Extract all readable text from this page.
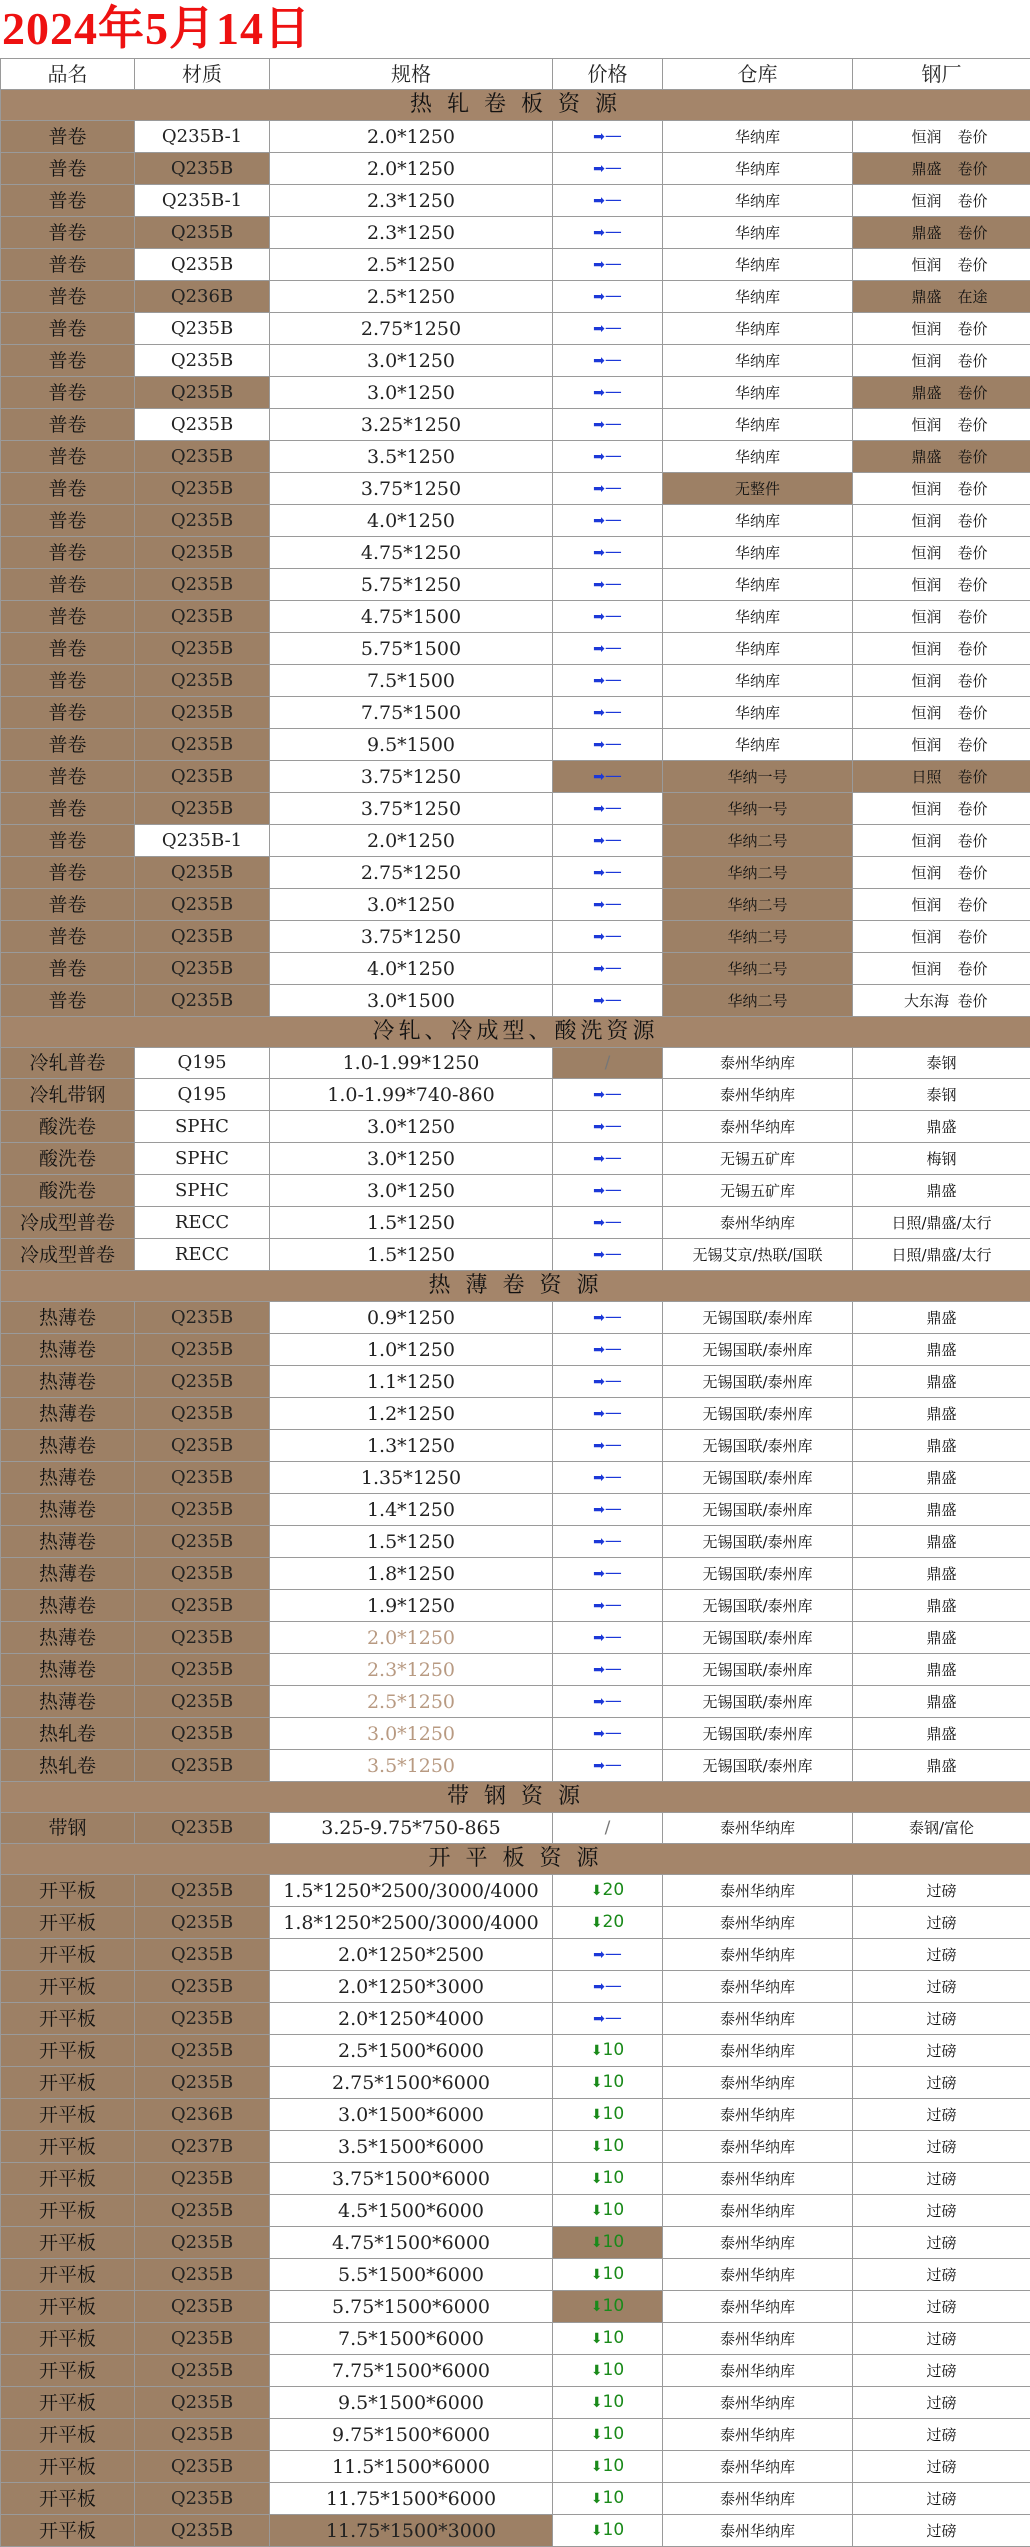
2024年5月14日
品名	材质	规格	价格	仓库	钢厂
热 轧 卷 板 资 源					
普卷	Q235B-1	2.0*1250	➡—	华纳库	恒润 卷价
普卷	Q235B	2.0*1250	➡—	华纳库	鼎盛 卷价
普卷	Q235B-1	2.3*1250	➡—	华纳库	恒润 卷价
普卷	Q235B	2.3*1250	➡—	华纳库	鼎盛 卷价
普卷	Q235B	2.5*1250	➡—	华纳库	恒润 卷价
普卷	Q236B	2.5*1250	➡—	华纳库	鼎盛 在途
普卷	Q235B	2.75*1250	➡—	华纳库	恒润 卷价
普卷	Q235B	3.0*1250	➡—	华纳库	恒润 卷价
普卷	Q235B	3.0*1250	➡—	华纳库	鼎盛 卷价
普卷	Q235B	3.25*1250	➡—	华纳库	恒润 卷价
普卷	Q235B	3.5*1250	➡—	华纳库	鼎盛 卷价
普卷	Q235B	3.75*1250	➡—	无整件	恒润 卷价
普卷	Q235B	4.0*1250	➡—	华纳库	恒润 卷价
普卷	Q235B	4.75*1250	➡—	华纳库	恒润 卷价
普卷	Q235B	5.75*1250	➡—	华纳库	恒润 卷价
普卷	Q235B	4.75*1500	➡—	华纳库	恒润 卷价
普卷	Q235B	5.75*1500	➡—	华纳库	恒润 卷价
普卷	Q235B	7.5*1500	➡—	华纳库	恒润 卷价
普卷	Q235B	7.75*1500	➡—	华纳库	恒润 卷价
普卷	Q235B	9.5*1500	➡—	华纳库	恒润 卷价
普卷	Q235B	3.75*1250	➡—	华纳一号	日照 卷价
普卷	Q235B	3.75*1250	➡—	华纳一号	恒润 卷价
普卷	Q235B-1	2.0*1250	➡—	华纳二号	恒润 卷价
普卷	Q235B	2.75*1250	➡—	华纳二号	恒润 卷价
普卷	Q235B	3.0*1250	➡—	华纳二号	恒润 卷价
普卷	Q235B	3.75*1250	➡—	华纳二号	恒润 卷价
普卷	Q235B	4.0*1250	➡—	华纳二号	恒润 卷价
普卷	Q235B	3.0*1500	➡—	华纳二号	大东海 卷价
冷轧、冷成型、酸洗资源					
冷轧普卷	Q195	1.0-1.99*1250	/	泰州华纳库	泰钢
冷轧带钢	Q195	1.0-1.99*740-860	➡—	泰州华纳库	泰钢
酸洗卷	SPHC	3.0*1250	➡—	泰州华纳库	鼎盛
酸洗卷	SPHC	3.0*1250	➡—	无锡五矿库	梅钢
酸洗卷	SPHC	3.0*1250	➡—	无锡五矿库	鼎盛
冷成型普卷	RECC	1.5*1250	➡—	泰州华纳库	日照/鼎盛/太行
冷成型普卷	RECC	1.5*1250	➡—	无锡艾京/热联/国联	日照/鼎盛/太行
热 薄 卷 资 源					
热薄卷	Q235B	0.9*1250	➡—	无锡国联/泰州库	鼎盛
热薄卷	Q235B	1.0*1250	➡—	无锡国联/泰州库	鼎盛
热薄卷	Q235B	1.1*1250	➡—	无锡国联/泰州库	鼎盛
热薄卷	Q235B	1.2*1250	➡—	无锡国联/泰州库	鼎盛
热薄卷	Q235B	1.3*1250	➡—	无锡国联/泰州库	鼎盛
热薄卷	Q235B	1.35*1250	➡—	无锡国联/泰州库	鼎盛
热薄卷	Q235B	1.4*1250	➡—	无锡国联/泰州库	鼎盛
热薄卷	Q235B	1.5*1250	➡—	无锡国联/泰州库	鼎盛
热薄卷	Q235B	1.8*1250	➡—	无锡国联/泰州库	鼎盛
热薄卷	Q235B	1.9*1250	➡—	无锡国联/泰州库	鼎盛
热薄卷	Q235B	2.0*1250	➡—	无锡国联/泰州库	鼎盛
热薄卷	Q235B	2.3*1250	➡—	无锡国联/泰州库	鼎盛
热薄卷	Q235B	2.5*1250	➡—	无锡国联/泰州库	鼎盛
热轧卷	Q235B	3.0*1250	➡—	无锡国联/泰州库	鼎盛
热轧卷	Q235B	3.5*1250	➡—	无锡国联/泰州库	鼎盛
带 钢 资 源					
带钢	Q235B	3.25-9.75*750-865	/	泰州华纳库	泰钢/富伦
开 平 板 资 源					
开平板	Q235B	1.5*1250*2500/3000/4000	⬇20	泰州华纳库	过磅
开平板	Q235B	1.8*1250*2500/3000/4000	⬇20	泰州华纳库	过磅
开平板	Q235B	2.0*1250*2500	➡—	泰州华纳库	过磅
开平板	Q235B	2.0*1250*3000	➡—	泰州华纳库	过磅
开平板	Q235B	2.0*1250*4000	➡—	泰州华纳库	过磅
开平板	Q235B	2.5*1500*6000	⬇10	泰州华纳库	过磅
开平板	Q235B	2.75*1500*6000	⬇10	泰州华纳库	过磅
开平板	Q236B	3.0*1500*6000	⬇10	泰州华纳库	过磅
开平板	Q237B	3.5*1500*6000	⬇10	泰州华纳库	过磅
开平板	Q235B	3.75*1500*6000	⬇10	泰州华纳库	过磅
开平板	Q235B	4.5*1500*6000	⬇10	泰州华纳库	过磅
开平板	Q235B	4.75*1500*6000	⬇10	泰州华纳库	过磅
开平板	Q235B	5.5*1500*6000	⬇10	泰州华纳库	过磅
开平板	Q235B	5.75*1500*6000	⬇10	泰州华纳库	过磅
开平板	Q235B	7.5*1500*6000	⬇10	泰州华纳库	过磅
开平板	Q235B	7.75*1500*6000	⬇10	泰州华纳库	过磅
开平板	Q235B	9.5*1500*6000	⬇10	泰州华纳库	过磅
开平板	Q235B	9.75*1500*6000	⬇10	泰州华纳库	过磅
开平板	Q235B	11.5*1500*6000	⬇10	泰州华纳库	过磅
开平板	Q235B	11.75*1500*6000	⬇10	泰州华纳库	过磅
开平板	Q235B	11.75*1500*3000	⬇10	泰州华纳库	过磅
